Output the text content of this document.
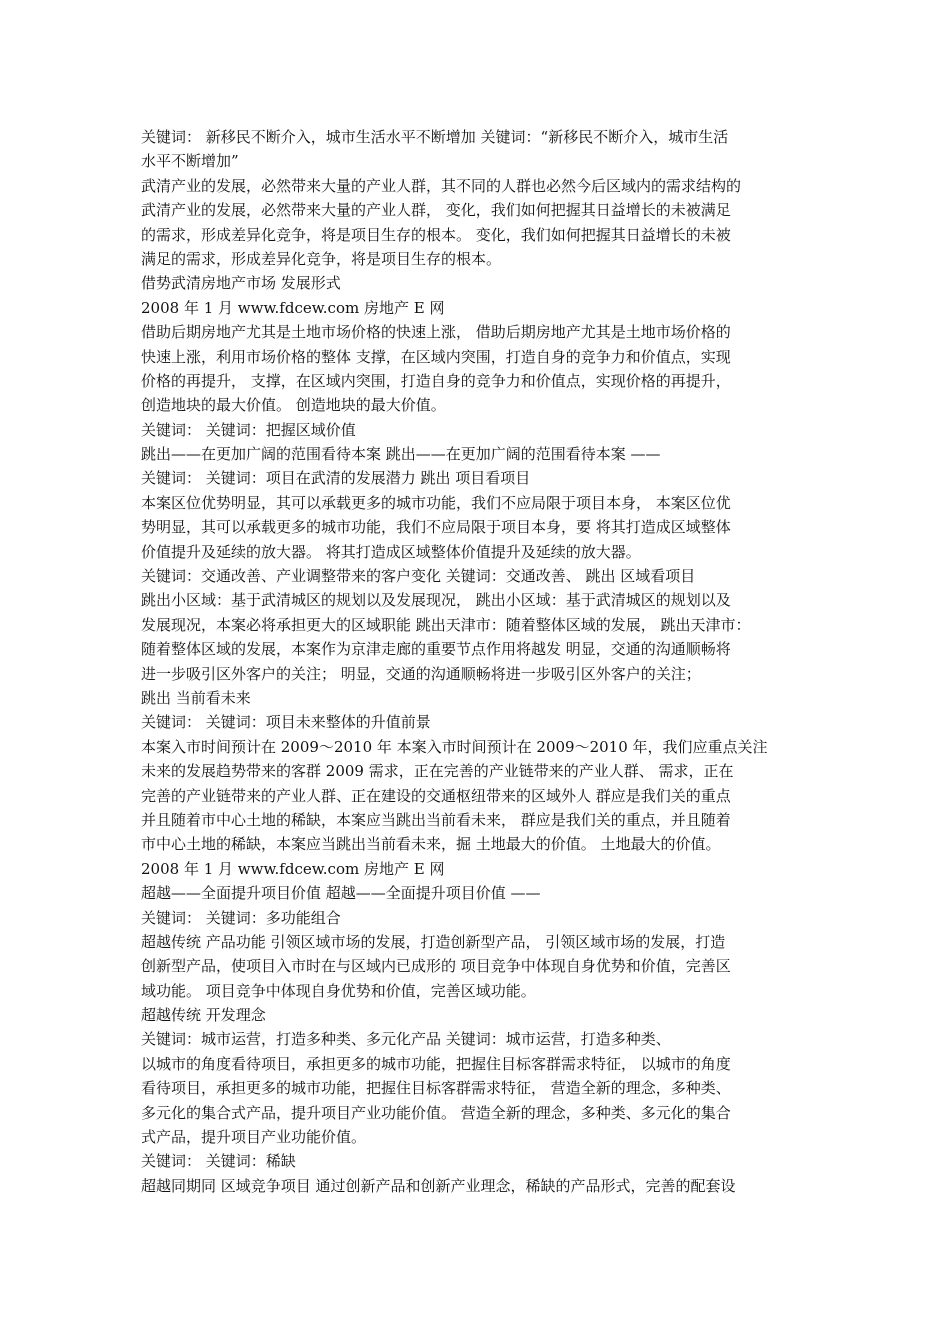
关键词： 新移民不断介入，城市生活水平不断增加 关键词：“新移民不断介入，城市生活
水平不断增加”
武清产业的发展，必然带来大量的产业人群，其不同的人群也必然今后区域内的需求结构的
武清产业的发展，必然带来大量的产业人群， 变化，我们如何把握其日益增长的未被满足
的需求，形成差异化竞争，将是项目生存的根本。 变化，我们如何把握其日益增长的未被
满足的需求，形成差异化竞争，将是项目生存的根本。
借势武清房地产市场 发展形式
2008 年 1 月 www.fdcew.com 房地产 E 网
借助后期房地产尤其是土地市场价格的快速上涨， 借助后期房地产尤其是土地市场价格的
快速上涨，利用市场价格的整体 支撑，在区域内突围，打造自身的竞争力和价值点，实现
价格的再提升， 支撑，在区域内突围，打造自身的竞争力和价值点，实现价格的再提升，
创造地块的最大价值。 创造地块的最大价值。
关键词： 关键词：把握区域价值
跳出——在更加广阔的范围看待本案 跳出——在更加广阔的范围看待本案 ——
关键词： 关键词：项目在武清的发展潜力 跳出 项目看项目
本案区位优势明显，其可以承载更多的城市功能，我们不应局限于项目本身， 本案区位优
势明显，其可以承载更多的城市功能，我们不应局限于项目本身，要 将其打造成区域整体
价值提升及延续的放大器。 将其打造成区域整体价值提升及延续的放大器。
关键词：交通改善、产业调整带来的客户变化 关键词：交通改善、 跳出 区域看项目
跳出小区域：基于武清城区的规划以及发展现况， 跳出小区域：基于武清城区的规划以及
发展现况，本案必将承担更大的区域职能 跳出天津市：随着整体区域的发展， 跳出天津市：
随着整体区域的发展，本案作为京津走廊的重要节点作用将越发 明显，交通的沟通顺畅将
进一步吸引区外客户的关注； 明显，交通的沟通顺畅将进一步吸引区外客户的关注；
跳出 当前看未来
关键词： 关键词：项目未来整体的升值前景
本案入市时间预计在 2009～2010 年 本案入市时间预计在 2009～2010 年，我们应重点关注
未来的发展趋势带来的客群 2009 需求，正在完善的产业链带来的产业人群、 需求，正在
完善的产业链带来的产业人群、正在建设的交通枢纽带来的区域外人 群应是我们关的重点
并且随着市中心土地的稀缺，本案应当跳出当前看未来， 群应是我们关的重点，并且随着
市中心土地的稀缺，本案应当跳出当前看未来，掘 土地最大的价值。 土地最大的价值。
2008 年 1 月 www.fdcew.com 房地产 E 网
超越——全面提升项目价值 超越——全面提升项目价值 ——
关键词： 关键词：多功能组合
超越传统 产品功能 引领区域市场的发展，打造创新型产品， 引领区域市场的发展，打造
创新型产品，使项目入市时在与区域内已成形的 项目竞争中体现自身优势和价值，完善区
域功能。 项目竞争中体现自身优势和价值，完善区域功能。
超越传统 开发理念
关键词：城市运营，打造多种类、多元化产品 关键词：城市运营，打造多种类、
以城市的角度看待项目，承担更多的城市功能，把握住目标客群需求特征， 以城市的角度
看待项目，承担更多的城市功能，把握住目标客群需求特征， 营造全新的理念，多种类、
多元化的集合式产品，提升项目产业功能价值。 营造全新的理念，多种类、多元化的集合
式产品，提升项目产业功能价值。
关键词： 关键词：稀缺
超越同期同 区域竞争项目 通过创新产品和创新产业理念，稀缺的产品形式，完善的配套设
